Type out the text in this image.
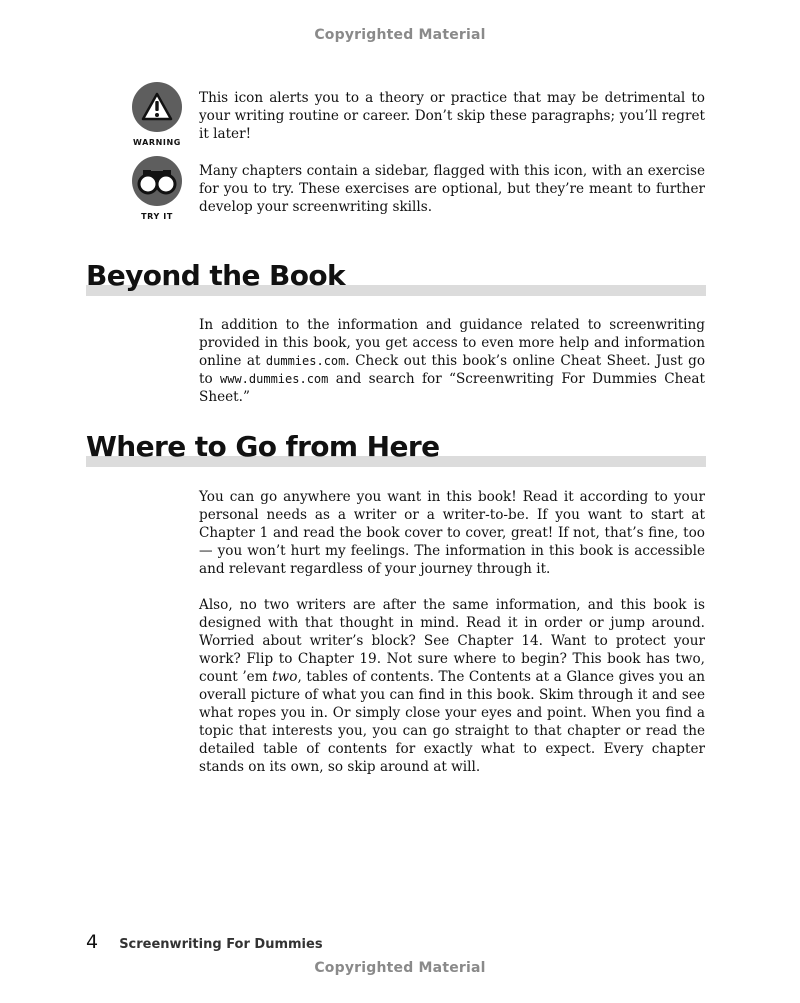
Copyrighted Material
WARNING
This icon alerts you to a theory or practice that may be detrimental to your writing routine or career. Don’t skip these paragraphs; you’ll regret it later!
TRY IT
Many chapters contain a sidebar, flagged with this icon, with an exercise for you to try. These exercises are optional, but they’re meant to further develop your screenwriting skills.
Beyond the Book

In addition to the information and guidance related to screenwriting provided in this book, you get access to even more help and information online at dummies.com. Check out this book’s online Cheat Sheet. Just go to www.dummies.com and search for “Screenwriting For Dummies Cheat Sheet.”

Where to Go from Here

You can go anywhere you want in this book! Read it according to your personal needs as a writer or a writer-to-be. If you want to start at Chapter 1 and read the book cover to cover, great! If not, that’s fine, too — you won’t hurt my feelings. The information in this book is accessible and relevant regardless of your journey through it.

Also, no two writers are after the same information, and this book is designed with that thought in mind. Read it in order or jump around. Worried about writer’s block? See Chapter 14. Want to protect your work? Flip to Chapter 19. Not sure where to begin? This book has two, count ’em two, tables of contents. The Contents at a Glance gives you an overall picture of what you can find in this book. Skim through it and see what ropes you in. Or simply close your eyes and point. When you find a topic that interests you, you can go straight to that chapter or read the detailed table of contents for exactly what to expect. Every chapter stands on its own, so skip around at will.

4 Screenwriting For Dummies
Copyrighted Material
